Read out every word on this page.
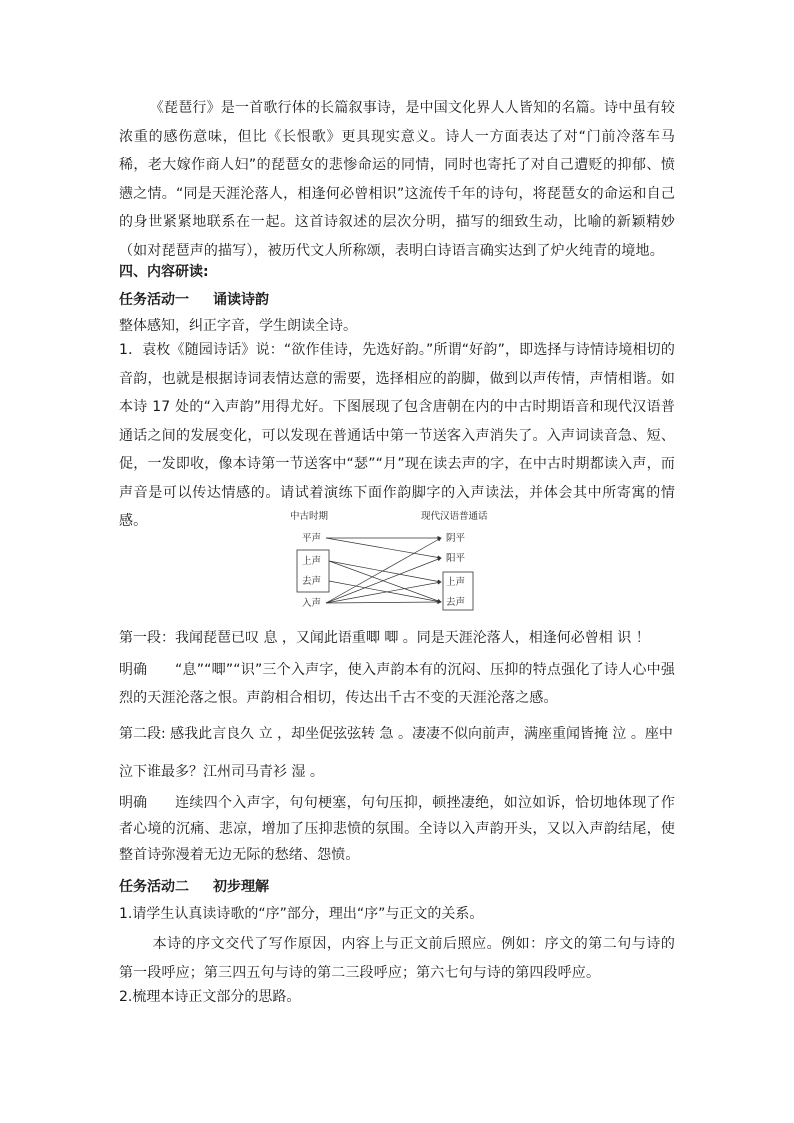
《琵琶行》是一首歌行体的长篇叙事诗，是中国文化界人人皆知的名篇。诗中虽有较浓重的感伤意味，但比《长恨歌》更具现实意义。诗人一方面表达了对“门前冷落车马稀，老大嫁作商人妇”的琵琶女的悲惨命运的同情，同时也寄托了对自己遭贬的抑郁、愤懑之情。“同是天涯沦落人，相逢何必曾相识”这流传千年的诗句，将琵琶女的命运和自己的身世紧紧地联系在一起。这首诗叙述的层次分明，描写的细致生动，比喻的新颖精妙（如对琵琶声的描写），被历代文人所称颂，表明白诗语言确实达到了炉火纯青的境地。
四、内容研读:
任务活动一 诵读诗韵
整体感知，纠正字音，学生朗读全诗。
1．袁枚《随园诗话》说：“欲作佳诗，先选好韵。”所谓“好韵”，即选择与诗情诗境相切的音韵，也就是根据诗词表情达意的需要，选择相应的韵脚，做到以声传情，声情相谐。如本诗 17 处的“入声韵”用得尤好。下图展现了包含唐朝在内的中古时期语音和现代汉语普通话之间的发展变化，可以发现在普通话中第一节送客入声消失了。入声词读音急、短、促，一发即收，像本诗第一节送客中“瑟”“月”现在读去声的字，在中古时期都读入声，而声音是可以传达情感的。请试着演练下面作韵脚字的入声读法，并体会其中所寄寓的情感。	中古时期	现代汉语普通话
平声
上声
去声
入声
阴平
阳平
上声
去声
第一段：我闻琵琶已叹 息 ，又闻此语重唧 唧 。同是天涯沦落人，相逢何必曾相 识 ！
明确 “息”“唧”“识”三个入声字，使入声韵本有的沉闷、压抑的特点强化了诗人心中强烈的天涯沦落之恨。声韵相合相切，传达出千古不变的天涯沦落之感。
第二段: 感我此言良久 立 ，却坐促弦弦转 急 。凄凄不似向前声，满座重闻皆掩 泣 。座中
泣下谁最多？江州司马青衫 湿 。
明确 连续四个入声字，句句梗塞，句句压抑，顿挫凄绝，如泣如诉，恰切地体现了作者心境的沉痛、悲凉，增加了压抑悲愤的氛围。全诗以入声韵开头，又以入声韵结尾，使整首诗弥漫着无边无际的愁绪、怨愤。
任务活动二 初步理解
1.请学生认真读诗歌的“序”部分，理出“序”与正文的关系。
本诗的序文交代了写作原因，内容上与正文前后照应。例如：序文的第二句与诗的第一段呼应；第三四五句与诗的第二三段呼应；第六七句与诗的第四段呼应。
2.梳理本诗正文部分的思路。
